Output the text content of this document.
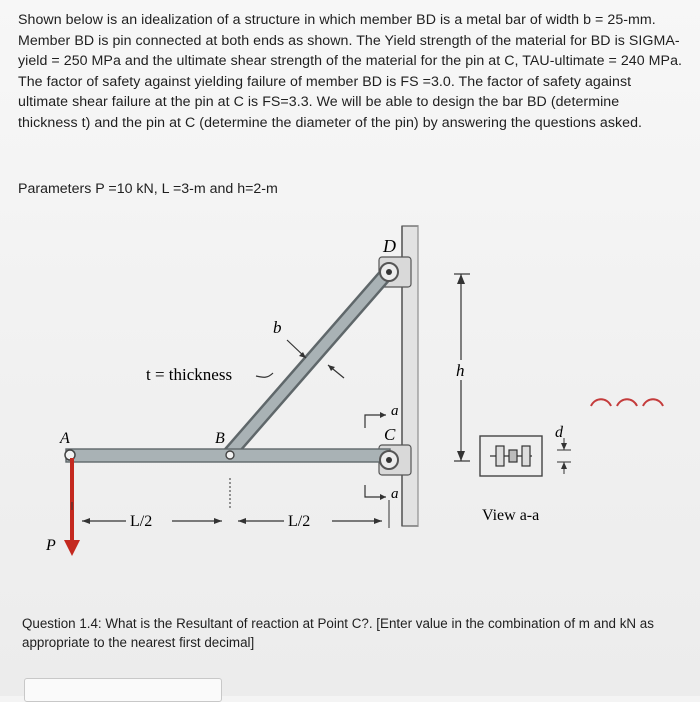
Shown below is an idealization of a structure in which member BD is a metal bar of width b = 25-mm. Member BD is pin connected at both ends as shown. The Yield strength of the material for BD is SIGMA-yield = 250 MPa and the ultimate shear strength of the material for the pin at C, TAU-ultimate = 240 MPa. The factor of safety against yielding failure of member BD is FS =3.0. The factor of safety against ultimate shear failure at the pin at C is FS=3.3. We will be able to design the bar BD (determine thickness t) and the pin at C (determine the diameter of the pin) by answering the questions asked.

Parameters P =10 kN, L =3-m and h=2-m
D
C
B
A
P
b
t = thickness
a
a
h
L/2	L/2
d
View a-a
Question 1.4: What is the Resultant of reaction at Point C?. [Enter value in the combination of m and kN as appropriate to the nearest first decimal]
